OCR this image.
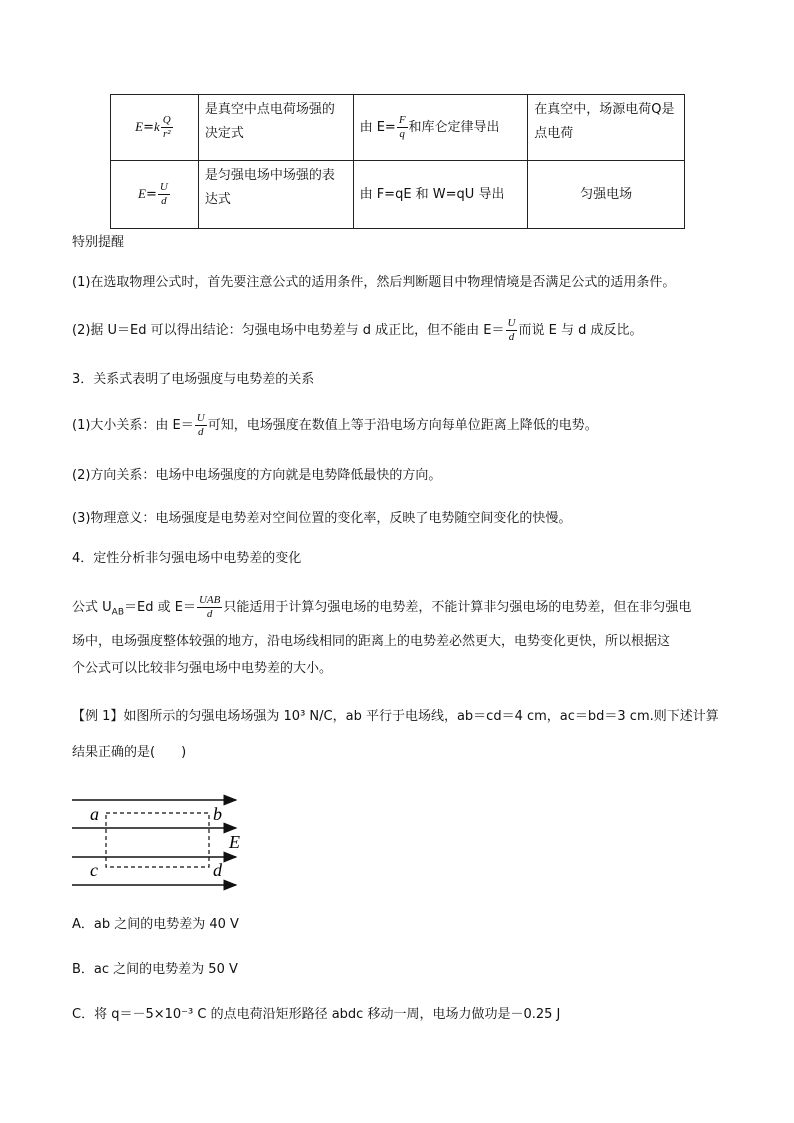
$E=k \frac{Q}{\text{r²}}$	是真空中点电荷场强的决定式	由 $E= \frac{F}{q}$ 和库仑定律导出	在真空中，场源电荷Q是点电荷
$E= \frac{U}{d}$	是匀强电场中场强的表达式	由 F=qE 和 W=qU 导出	匀强电场
特别提醒
(1)在选取物理公式时，首先要注意公式的适用条件，然后判断题目中物理情境是否满足公式的适用条件。
(2)据 U＝Ed 可以得出结论：匀强电场中电势差与 d 成正比，但不能由 $E= \frac{U}{d}$ 而说 E 与 d 成反比。
3．关系式表明了电场强度与电势差的关系
(1)大小关系：由 $E= \frac{U}{d}$ 可知，电场强度在数值上等于沿电场方向每单位距离上降低的电势。
(2)方向关系：电场中电场强度的方向就是电势降低最快的方向。
(3)物理意义：电场强度是电势差对空间位置的变化率，反映了电势随空间变化的快慢。
4．定性分析非匀强电场中电势差的变化
公式 $U_{AB}=Ed$ 或 $E= \frac{\text{UAB}}{d}$ 只能适用于计算匀强电场的电势差，不能计算非匀强电场的电势差，但在非匀强电
场中，电场强度整体较强的地方，沿电场线相同的距离上的电势差必然更大，电势变化更快，所以根据这
个公式可以比较非匀强电场中电势差的大小。
【例 1】如图所示的匀强电场场强为 10³ N/C，ab 平行于电场线，ab＝cd＝4 cm，ac＝bd＝3 cm.则下述计算
结果正确的是(　　)
a	b
c	d
E
A．ab 之间的电势差为 40 V
B．ac 之间的电势差为 50 V
C．将 q＝－5×10⁻³ C 的点电荷沿矩形路径 abdc 移动一周，电场力做功是－0.25 J
